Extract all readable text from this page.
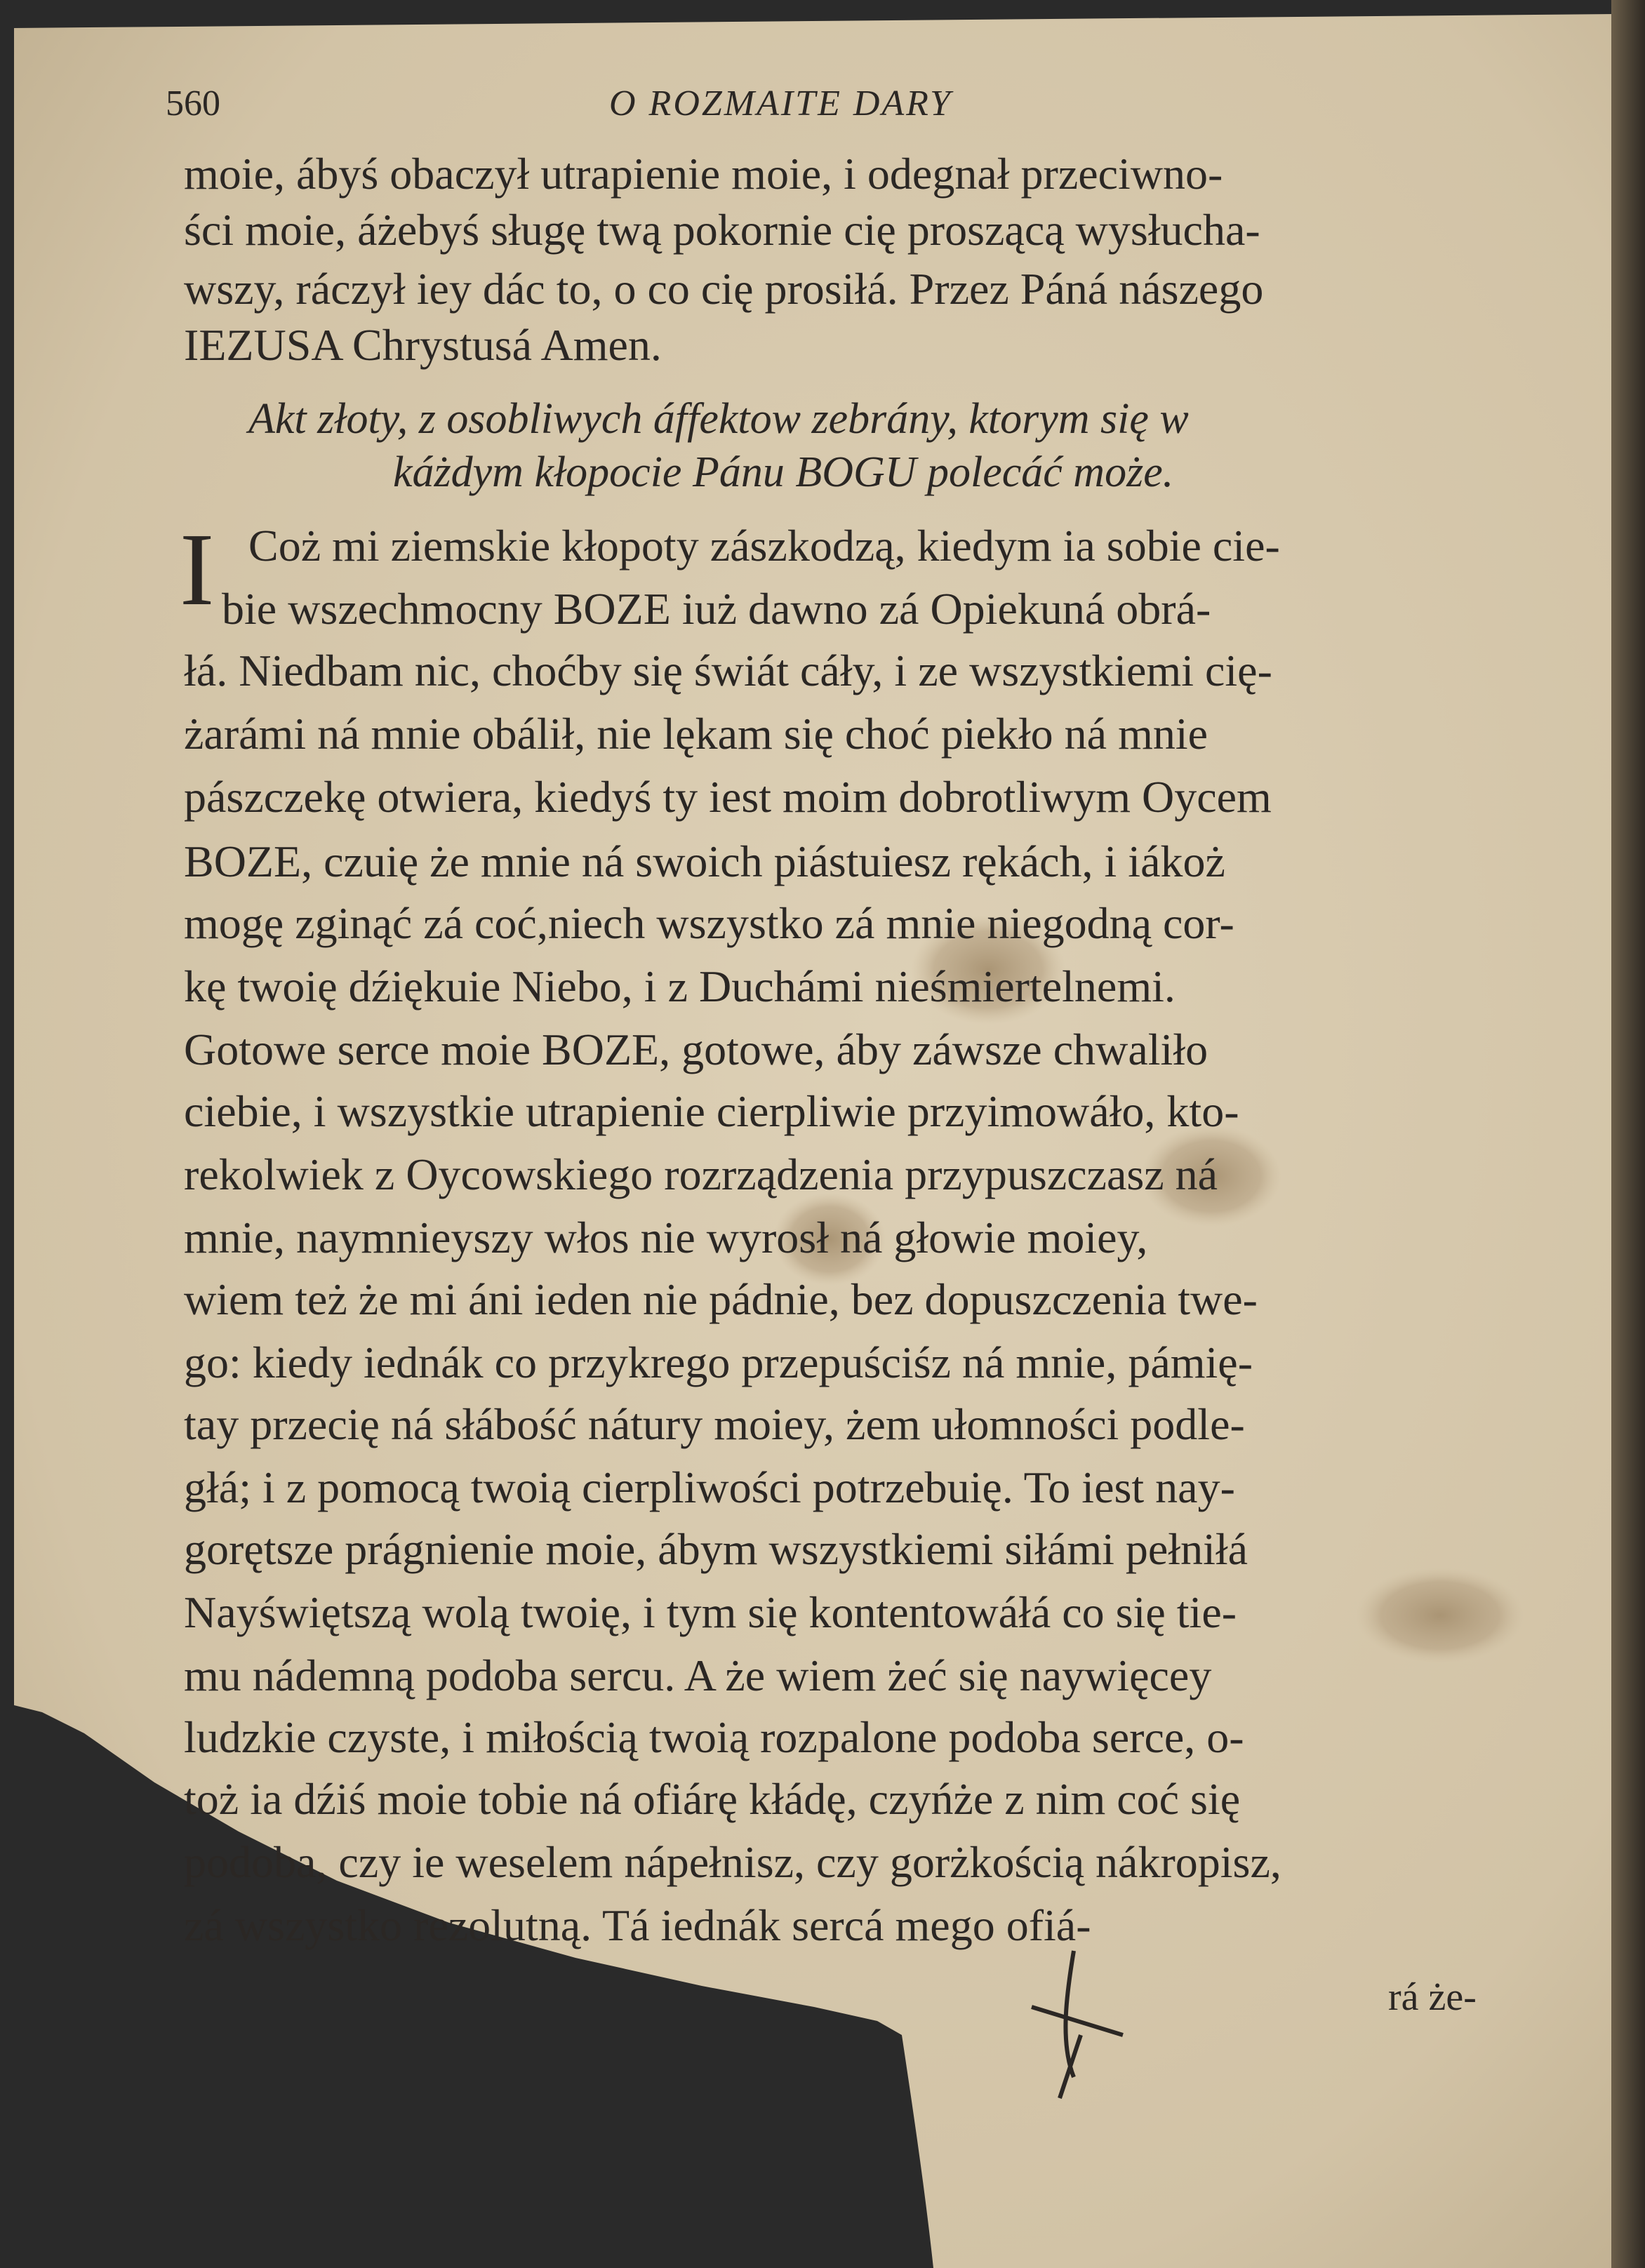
560	O ROZMAITE DARY
moie, ábyś obaczył utrapienie moie, i odegnał przeciwno-
ści moie, áżebyś sługę twą pokornie cię proszącą wysłucha-
wszy, ráczył iey dác to, o co cię prosiłá. Przez Páná nászego
IEZUSA Chrystusá Amen.
Akt złoty, z osobliwych áffektow zebrány, ktorym się w
káżdym kłopocie Pánu BOGU polecáć może.
I Coż mi ziemskie kłopoty zászkodzą, kiedym ia sobie cie-
bie wszechmocny BOZE iuż dawno zá Opiekuná obrá-
łá. Niedbam nic, choćby się świát cáły, i ze wszystkiemi cię-
żarámi ná mnie obálił, nie lękam się choć piekło ná mnie
pászczekę otwiera, kiedyś ty iest moim dobrotliwym Oycem
BOZE, czuię że mnie ná swoich piástuiesz rękách, i iákoż
mogę zginąć zá coć,niech wszystko zá mnie niegodną cor-
kę twoię dźiękuie Niebo, i z Duchámi nieśmiertelnemi.
Gotowe serce moie BOZE, gotowe, áby záwsze chwaliło
ciebie, i wszystkie utrapienie cierpliwie przyimowáło, kto-
rekolwiek z Oycowskiego rozrządzenia przypuszczasz ná
mnie, naymnieyszy włos nie wyrosł ná głowie moiey,
wiem też że mi áni ieden nie pádnie, bez dopuszczenia twe-
go: kiedy iednák co przykrego przepuściśz ná mnie, pámię-
tay przecię ná słábość nátury moiey, żem ułomności podle-
głá; i z pomocą twoią cierpliwości potrzebuię. To iest nay-
gorętsze prágnienie moie, ábym wszystkiemi siłámi pełniłá
Nayświętszą wolą twoię, i tym się kontentowáłá co się tie-
mu nádemną podoba sercu. A że wiem żeć się naywięcey
ludzkie czyste, i miłością twoią rozpalone podoba serce, o-
toż ia dźiś moie tobie ná ofiárę kłádę, czyńże z nim coć się
podoba, czy ie weselem nápełnisz, czy gorżkością nákropisz,
zá wszystko rezolutną. Tá iednák sercá mego ofiá-
rá że-
